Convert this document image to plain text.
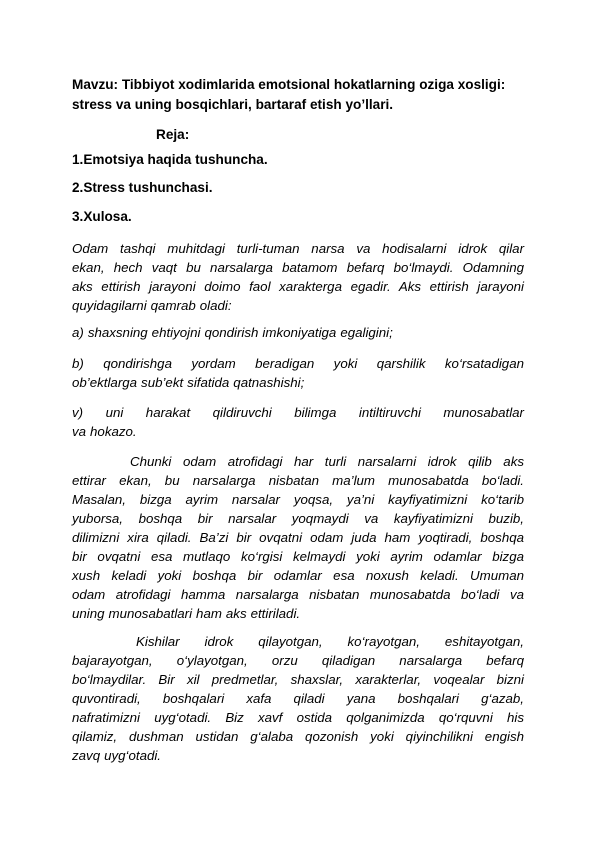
Mavzu: Tibbiyot xodimlarida emotsional hokatlarning oziga xosligi: stress va uning bosqichlari, bartaraf etish yo’llari.
Reja:
1.Emotsiya haqida tushuncha.
2.Stress tushunchasi.
3.Xulosa.
Odam tashqi muhitdagi turli-tuman narsa va hodisalarni idrok qilar
ekan, hech vaqt bu narsalarga batamom befarq bo‘lmaydi. Odamning
aks ettirish jarayoni doimo faol xarakterga egadir. Aks ettirish jarayoni
quyidagilarni qamrab oladi:
a) shaxsning ehtiyojni qondirish imkoniyatiga egaligini;
b) qondirishga yordam beradigan yoki qarshilik ko‘rsatadigan
ob’ektlarga sub’ekt sifatida qatnashishi;
v) uni harakat qildiruvchi bilimga intiltiruvchi munosabatlar
va hokazo.
Chunki odam atrofidagi har turli narsalarni idrok qilib aks
ettirar ekan, bu narsalarga nisbatan ma’lum munosabatda bo‘ladi.
Masalan, bizga ayrim narsalar yoqsa, ya’ni kayfiyatimizni ko‘tarib
yuborsa, boshqa bir narsalar yoqmaydi va kayfiyatimizni buzib,
dilimizni xira qiladi. Ba’zi bir ovqatni odam juda ham yoqtiradi, boshqa
bir ovqatni esa mutlaqo ko‘rgisi kelmaydi yoki ayrim odamlar bizga
xush keladi yoki boshqa bir odamlar esa noxush keladi. Umuman
odam atrofidagi hamma narsalarga nisbatan munosabatda bo‘ladi va
uning munosabatlari ham aks ettiriladi.
Kishilar idrok qilayotgan, ko‘rayotgan, eshitayotgan,
bajarayotgan, o‘ylayotgan, orzu qiladigan narsalarga befarq
bo‘lmaydilar. Bir xil predmetlar, shaxslar, xarakterlar, voqealar bizni
quvontiradi, boshqalari xafa qiladi yana boshqalari g‘azab,
nafratimizni uyg‘otadi. Biz xavf ostida qolganimizda qo‘rquvni his
qilamiz, dushman ustidan g‘alaba qozonish yoki qiyinchilikni engish
zavq uyg‘otadi.
